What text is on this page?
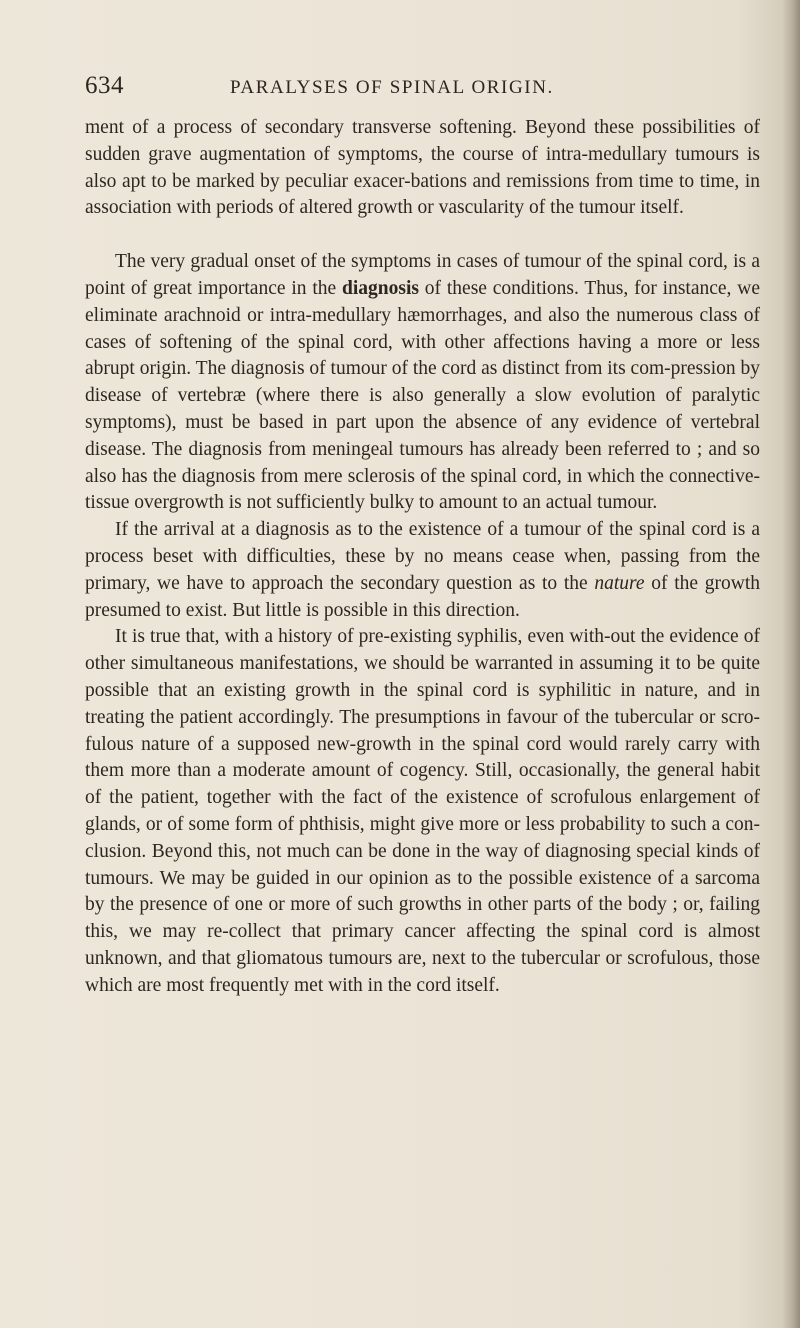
634	PARALYSES OF SPINAL ORIGIN.

ment of a process of secondary transverse softening. Beyond these possibilities of sudden grave augmentation of symptoms, the course of intra-medullary tumours is also apt to be marked by peculiar exacer-bations and remissions from time to time, in association with periods of altered growth or vascularity of the tumour itself.

The very gradual onset of the symptoms in cases of tumour of the spinal cord, is a point of great importance in the diagnosis of these conditions. Thus, for instance, we eliminate arachnoid or intra-medullary hæmorrhages, and also the numerous class of cases of softening of the spinal cord, with other affections having a more or less abrupt origin. The diagnosis of tumour of the cord as distinct from its com-pression by disease of vertebræ (where there is also generally a slow evolution of paralytic symptoms), must be based in part upon the absence of any evidence of vertebral disease. The diagnosis from meningeal tumours has already been referred to ; and so also has the diagnosis from mere sclerosis of the spinal cord, in which the connective-tissue overgrowth is not sufficiently bulky to amount to an actual tumour.

If the arrival at a diagnosis as to the existence of a tumour of the spinal cord is a process beset with difficulties, these by no means cease when, passing from the primary, we have to approach the secondary question as to the nature of the growth presumed to exist. But little is possible in this direction.

It is true that, with a history of pre-existing syphilis, even with-out the evidence of other simultaneous manifestations, we should be warranted in assuming it to be quite possible that an existing growth in the spinal cord is syphilitic in nature, and in treating the patient accordingly. The presumptions in favour of the tubercular or scro-fulous nature of a supposed new-growth in the spinal cord would rarely carry with them more than a moderate amount of cogency. Still, occasionally, the general habit of the patient, together with the fact of the existence of scrofulous enlargement of glands, or of some form of phthisis, might give more or less probability to such a con-clusion. Beyond this, not much can be done in the way of diagnosing special kinds of tumours. We may be guided in our opinion as to the possible existence of a sarcoma by the presence of one or more of such growths in other parts of the body ; or, failing this, we may re-collect that primary cancer affecting the spinal cord is almost unknown, and that gliomatous tumours are, next to the tubercular or scrofulous, those which are most frequently met with in the cord itself.
